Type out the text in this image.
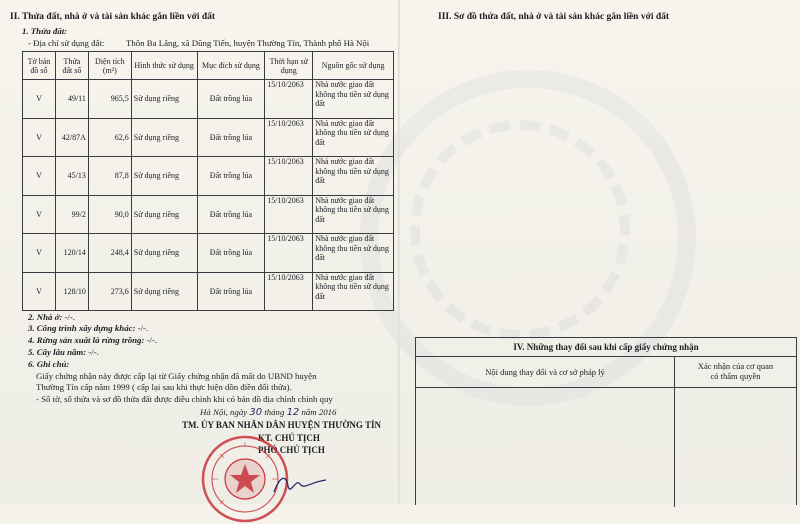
II. Thửa đất, nhà ở và tài sản khác gắn liền với đất
1. Thửa đất:
- Địa chỉ sử dụng đất: Thôn Ba Lăng, xã Dũng Tiến, huyện Thường Tín, Thành phố Hà Nội
Tờ bản đồ số	Thửa đất số	Diện tích (m²)	Hình thức sử dụng	Mục đích sử dụng	Thời hạn sử dụng	Nguồn gốc sử dụng
V	49/11	965,5	Sử dụng riêng	Đất trồng lúa	15/10/2063	Nhà nước giao đất không thu tiền sử dụng đất
V	42/87A	62,6	Sử dụng riêng	Đất trồng lúa	15/10/2063	Nhà nước giao đất không thu tiền sử dụng đất
V	45/13	87,8	Sử dụng riêng	Đất trồng lúa	15/10/2063	Nhà nước giao đất không thu tiền sử dụng đất
V	99/2	90,0	Sử dụng riêng	Đất trồng lúa	15/10/2063	Nhà nước giao đất không thu tiền sử dụng đất
V	120/14	248,4	Sử dụng riêng	Đất trồng lúa	15/10/2063	Nhà nước giao đất không thu tiền sử dụng đất
V	128/10	273,6	Sử dụng riêng	Đất trồng lúa	15/10/2063	Nhà nước giao đất không thu tiền sử dụng đất
2. Nhà ở: -/-.
3. Công trình xây dựng khác: -/-.
4. Rừng sản xuất là rừng trồng: -/-.
5. Cây lâu năm: -/-.
6. Ghi chú:
Giấy chứng nhận này được cấp lại từ Giấy chứng nhận đã mất do UBND huyện
Thường Tín cấp năm 1999 ( cấp lại sau khi thực hiện dồn điền đổi thửa).
- Số tờ, số thửa và sơ đồ thửa đất được điều chỉnh khi có bản đồ địa chính chính quy
Hà Nội, ngày 30 tháng 12 năm 2016
TM. ỦY BAN NHÂN DÂN HUYỆN THƯỜNG TÍN
KT. CHỦ TỊCH
PHÓ CHỦ TỊCH
III. Sơ đồ thửa đất, nhà ở và tài sản khác gắn liền với đất
IV. Những thay đổi sau khi cấp giấy chứng nhận
Nội dung thay đổi và cơ sở pháp lý
Xác nhận của cơ quan
có thẩm quyền
